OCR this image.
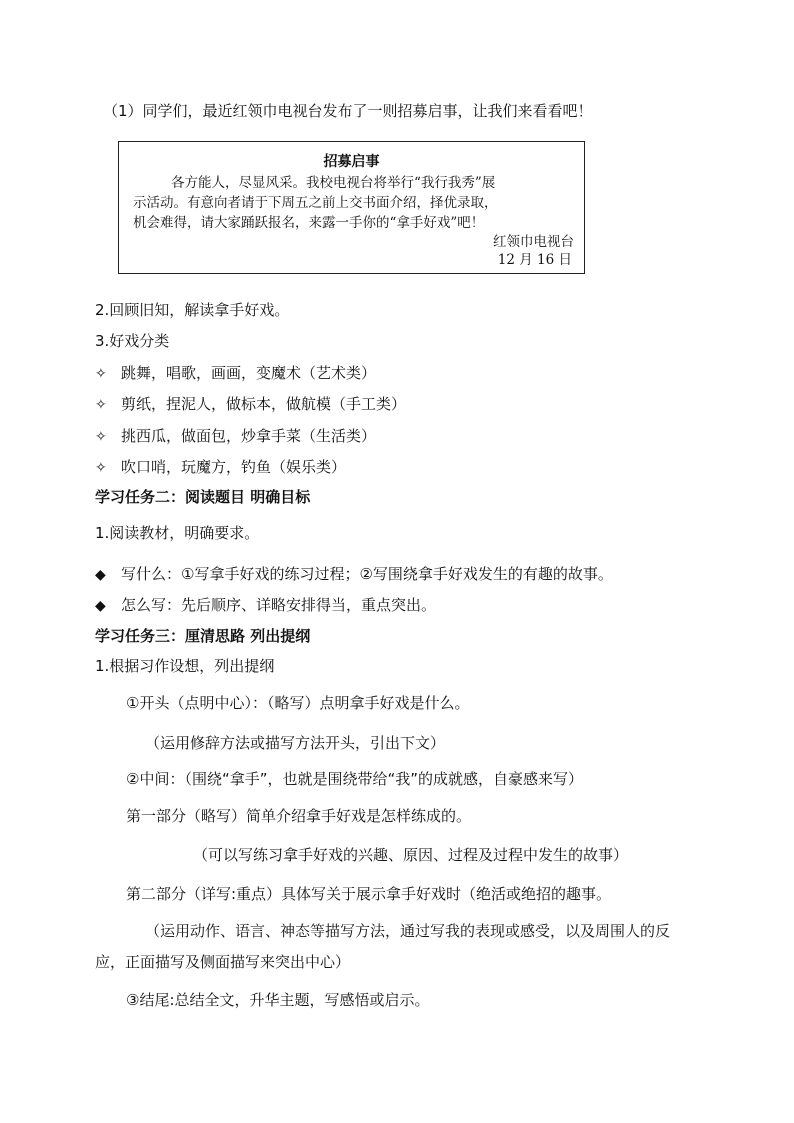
（1）同学们，最近红领巾电视台发布了一则招募启事，让我们来看看吧！
招募启事
各方能人，尽显风采。我校电视台将举行“我行我秀”展
示活动。有意向者请于下周五之前上交书面介绍，择优录取，
机会难得，请大家踊跃报名，来露一手你的“拿手好戏”吧！
红领巾电视台
12 月 16 日
2.回顾旧知，解读拿手好戏。
3.好戏分类
✧ 跳舞，唱歌，画画，变魔术（艺术类）
✧ 剪纸，捏泥人，做标本，做航模（手工类）
✧ 挑西瓜，做面包，炒拿手菜（生活类）
✧ 吹口哨，玩魔方，钓鱼（娱乐类）
学习任务二：阅读题目 明确目标
1.阅读教材，明确要求。
◆ 写什么：①写拿手好戏的练习过程；②写围绕拿手好戏发生的有趣的故事。
◆ 怎么写：先后顺序、详略安排得当，重点突出。
学习任务三：厘清思路 列出提纲
1.根据习作设想，列出提纲
①开头（点明中心）：（略写）点明拿手好戏是什么。
（运用修辞方法或描写方法开头，引出下文）
②中间：（围绕“拿手”，也就是围绕带给“我”的成就感，自豪感来写）
第一部分（略写）简单介绍拿手好戏是怎样练成的。
（可以写练习拿手好戏的兴趣、原因、过程及过程中发生的故事）
第二部分（详写:重点）具体写关于展示拿手好戏时（绝活或绝招的趣事。
（运用动作、语言、神态等描写方法，通过写我的表现或感受，以及周围人的反
应，正面描写及侧面描写来突出中心）
③结尾:总结全文，升华主题，写感悟或启示。
